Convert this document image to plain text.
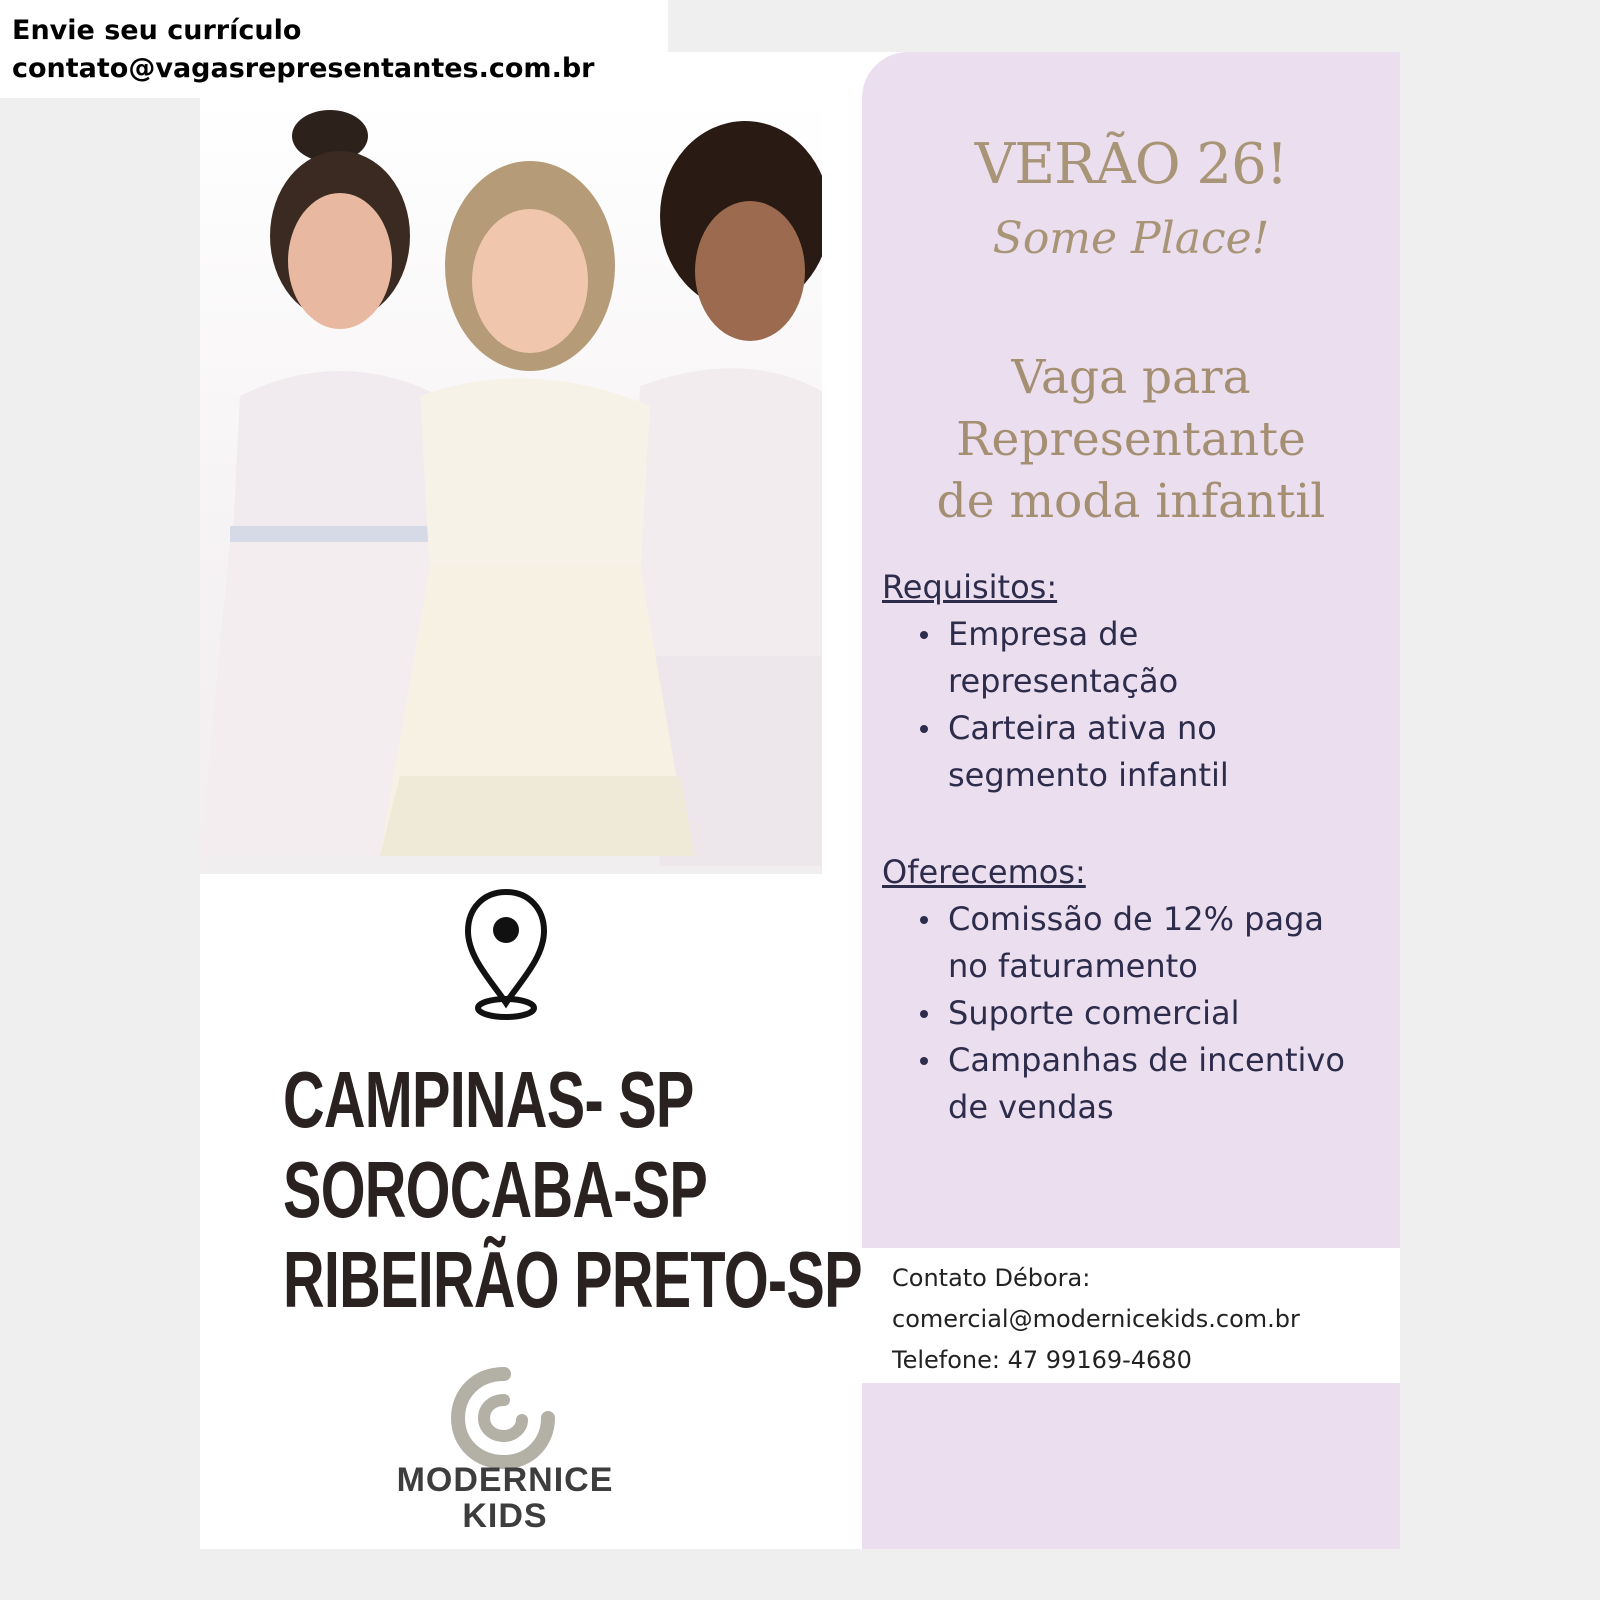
Envie seu currículo
contato@vagasrepresentantes.com.br
CAMPINAS- SP
SOROCABA-SP
RIBEIRÃO PRETO-SP
MODERNICE
KIDS
VERÃO 26!
Some Place!
Vaga para
Representante
de moda infantil
Requisitos:
Empresa de
representação
Carteira ativa no
segmento infantil
Oferecemos:
Comissão de 12% paga
no faturamento
Suporte comercial
Campanhas de incentivo
de vendas
Contato Débora:
comercial@modernicekids.com.br
Telefone: 47 99169-4680
